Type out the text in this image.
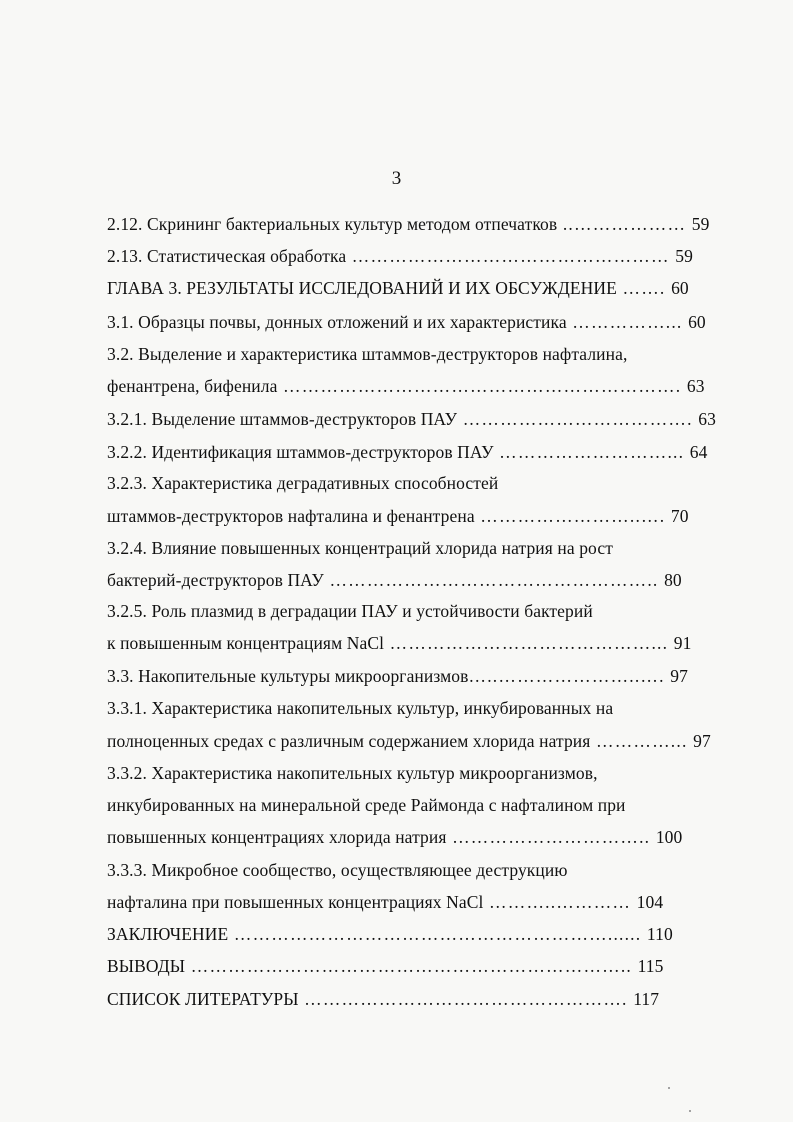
3
2.12. Скрининг бактериальных культур методом отпечатков ..……………… 59
2.13. Статистическая обработка …………………………………………… 59
ГЛАВА 3. РЕЗУЛЬТАТЫ ИССЛЕДОВАНИЙ И ИХ ОБСУЖДЕНИЕ ……. 60
3.1. Образцы почвы, донных отложений и их характеристика ……………... 60
3.2. Выделение и характеристика штаммов-деструкторов нафталина,
фенантрена, бифенила ………………………………………………………. 63
3.2.1. Выделение штаммов-деструкторов ПАУ ………………………………. 63
3.2.2. Идентификация штаммов-деструкторов ПАУ ………………………... 64
3.2.3. Характеристика деградативных способностей
штаммов-деструкторов нафталина и фенантрена ……………………..…. 70
3.2.4. Влияние повышенных концентраций хлорида натрия на рост
бактерий-деструкторов ПАУ …………………………………………….. 80
3.2.5. Роль плазмид в деградации ПАУ и устойчивости бактерий
к повышенным концентрациям NaCl ……………………………………... 91
3.3. Накопительные культуры микроорганизмов…..…………………..…. 97
3.3.1. Характеристика накопительных культур, инкубированных на
полноценных средах с различным содержанием хлорида натрия …………... 97
3.3.2. Характеристика накопительных культур микроорганизмов,
инкубированных на минеральной среде Раймонда с нафталином при
повышенных концентрациях хлорида натрия ………………………….. 100
3.3.3. Микробное сообщество, осуществляющее деструкцию
нафталина при повышенных концентрациях NaCl ………..………… 104
ЗАКЛЮЧЕНИЕ ……………………………………………………...... 110
ВЫВОДЫ …………………………………………………………….. 115
СПИСОК ЛИТЕРАТУРЫ ……………………………………………. 117
